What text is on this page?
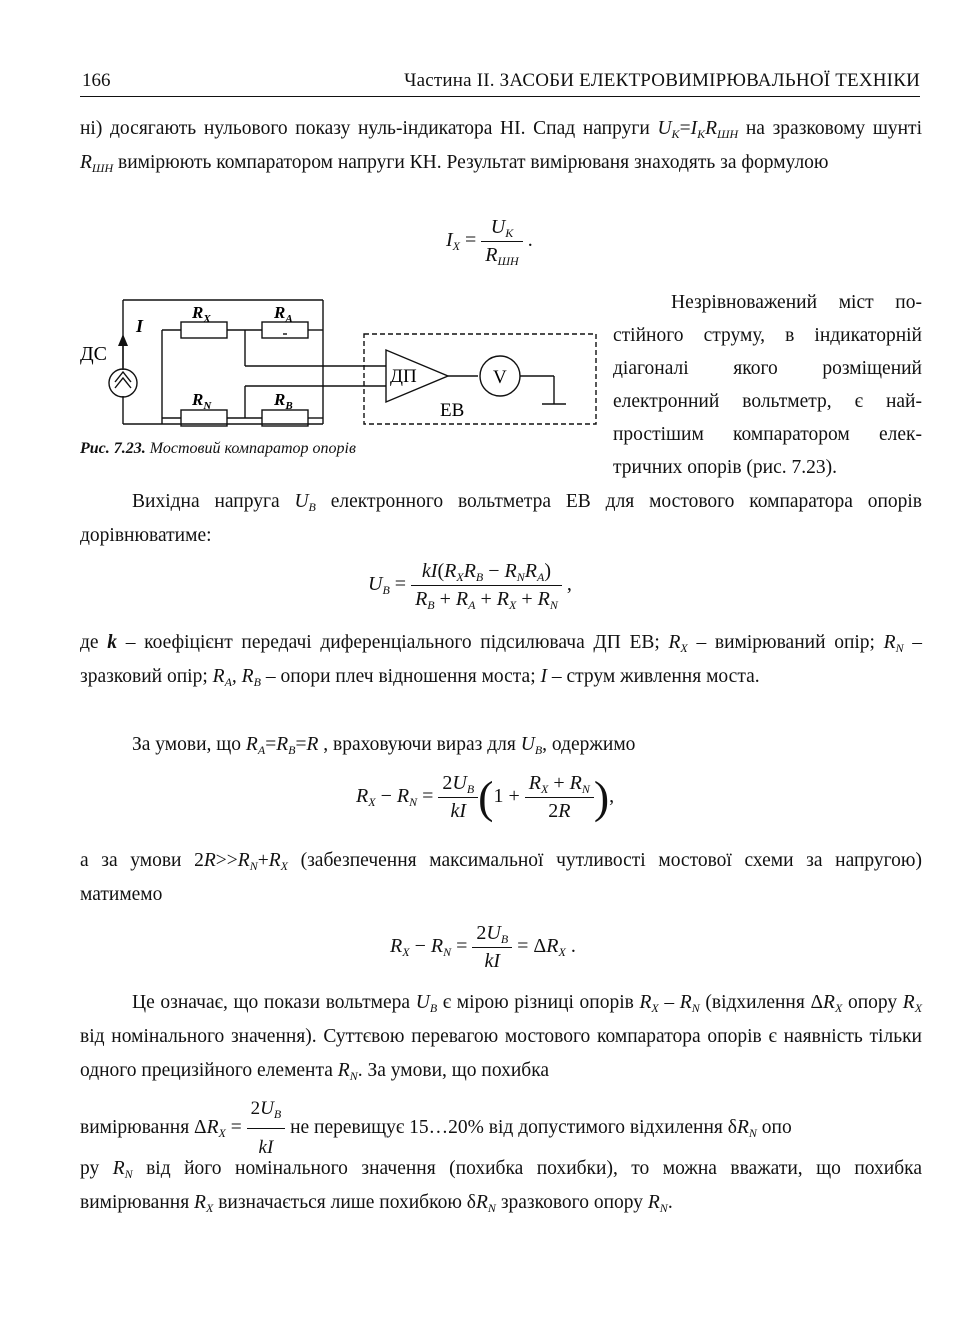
166	Частина II. ЗАСОБИ ЕЛЕКТРОВИМІРЮВАЛЬНОЇ ТЕХНІКИ
ні) досягають нульового показу нуль-індикатора НІ. Спад напруги $U_K=I_KR_{ШН}$ на зразковому шунті $R_{ШН}$ вимірюють компаратором напруги КН. Результат вимірюваня знаходять за формулою
$I_X = \frac{U_K}{R_{ШН}}$ .
ДС
I
$R_X$	$R_A$
$R_N$	$R_B$
ДП	V
ЕВ
Рис. 7.23. Мостовий компаратор опорів
Незрівноважений міст постійного струму, в індикаторній діагоналі якого розміщений електронний вольтметр, є найпростішим компаратором електричних опорів (рис. 7.23).
Вихідна напруга $U_B$ електронного вольтметра ЕВ для мостового компаратора опорів дорівнюватиме:
$U_B = \frac{kI(R_XR_B - R_NR_A)}{R_B + R_A + R_X + R_N}$ ,
де k – коефіцієнт передачі диференціального підсилювача ДП ЕВ; $R_X$ – вимірюваний опір; $R_N$ – зразковий опір; $R_A$, $R_B$ – опори плеч відношення моста; I – струм живлення моста.
За умови, що $R_A=R_B=R$ , враховуючи вираз для $U_B$, одержимо
$R_X - R_N = \frac{2U_B}{kI} (1 + \frac{R_X + R_N}{2R}$ ),
а за умови $2R>>R_N+R_X$ (забезпечення максимальної чутливості мостової схеми за напругою) матимемо
$R_X - R_N = \frac{2U_B}{kI} = \Delta R_X$ .
Це означає, що покази вольтмера $U_B$ є мірою різниці опорів $R_X - R_N$ (відхилення $\Delta R_X$ опору $R_X$ від номінального значення). Суттєвою перевагою мостового компаратора опорів є наявність тільки одного прецизійного елемента $R_N$. За умови, що похибка
вимірювання $\Delta R_X = \frac{2U_B}{kI}$ не перевищує 15…20% від допустимого відхилення $\delta R_N$ опо
ру $R_N$ від його номінального значення (похибка похибки), то можна вважати, що похибка вимірювання $R_X$ визначається лише похибкою $\delta R_N$ зразкового опору $R_N$.
